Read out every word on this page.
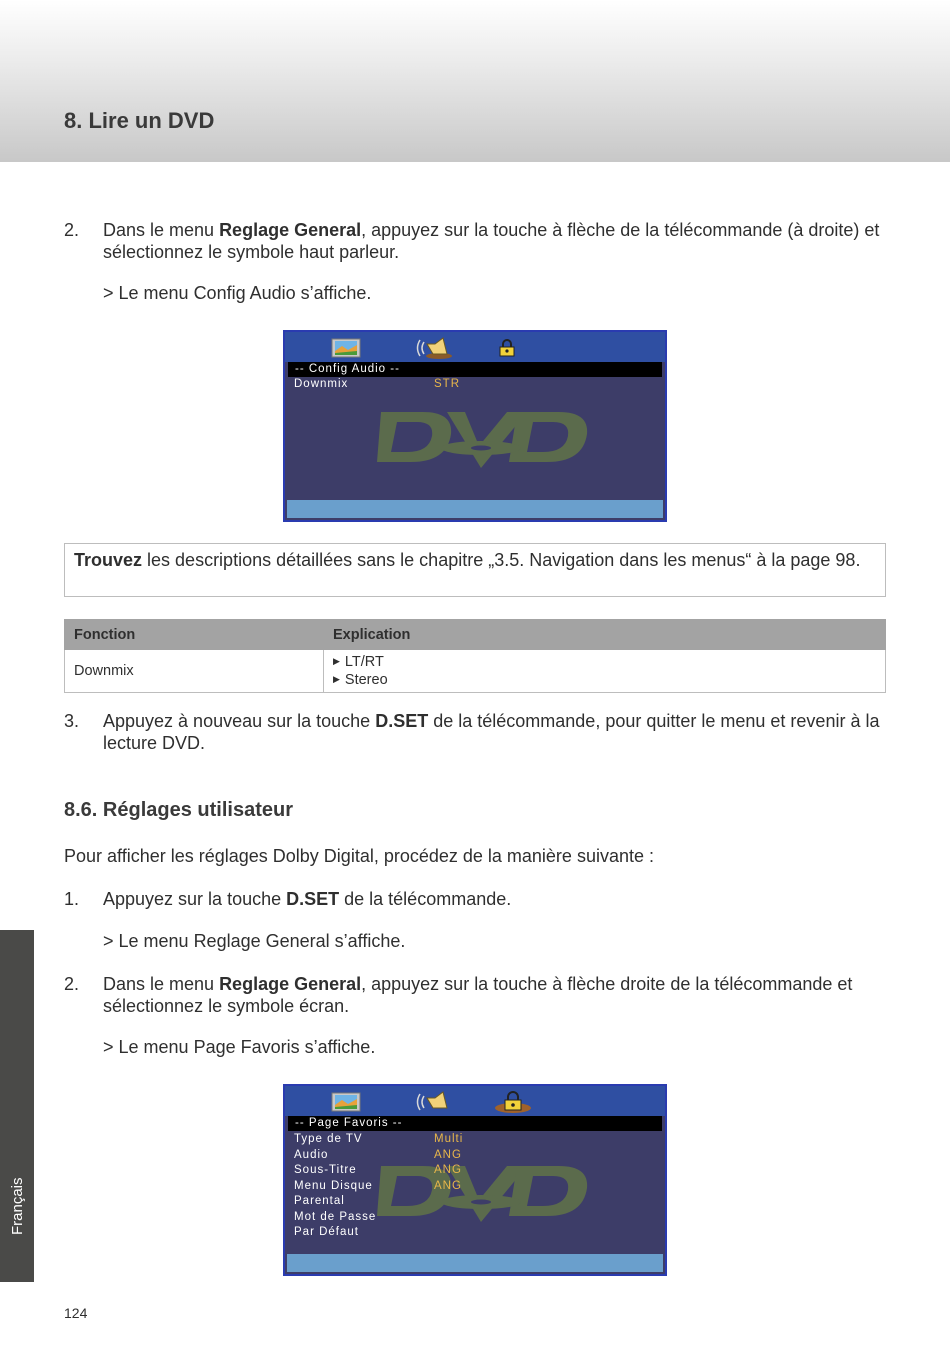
8. Lire un DVD
Français
2. Dans le menu Reglage General, appuyez sur la touche à flèche de la télécommande (à droite) et sélectionnez le symbole haut parleur.

> Le menu Config Audio s’affiche.

-- Config Audio --
Downmix	STR
Trouvez les descriptions détaillées sans le chapitre „3.5. Navigation dans les menus“ à la page 98.
Fonction	Explication
Downmix	▶ LT/RT
▶ Stereo
3. Appuyez à nouveau sur la touche D.SET de la télécommande, pour quitter le menu et revenir à la lecture DVD.

8.6. Réglages utilisateur

Pour afficher les réglages Dolby Digital, procédez de la manière suivante :

1. Appuyez sur la touche D.SET de la télécommande.

> Le menu Reglage General s’affiche.

2. Dans le menu Reglage General, appuyez sur la touche à flèche droite de la télécommande et sélectionnez le symbole écran.

> Le menu Page Favoris s’affiche.

-- Page Favoris --
Type de TV	Multi
Audio	ANG
Sous-Titre	ANG
Menu Disque	ANG
Parental
Mot de Passe
Par Défaut
124
